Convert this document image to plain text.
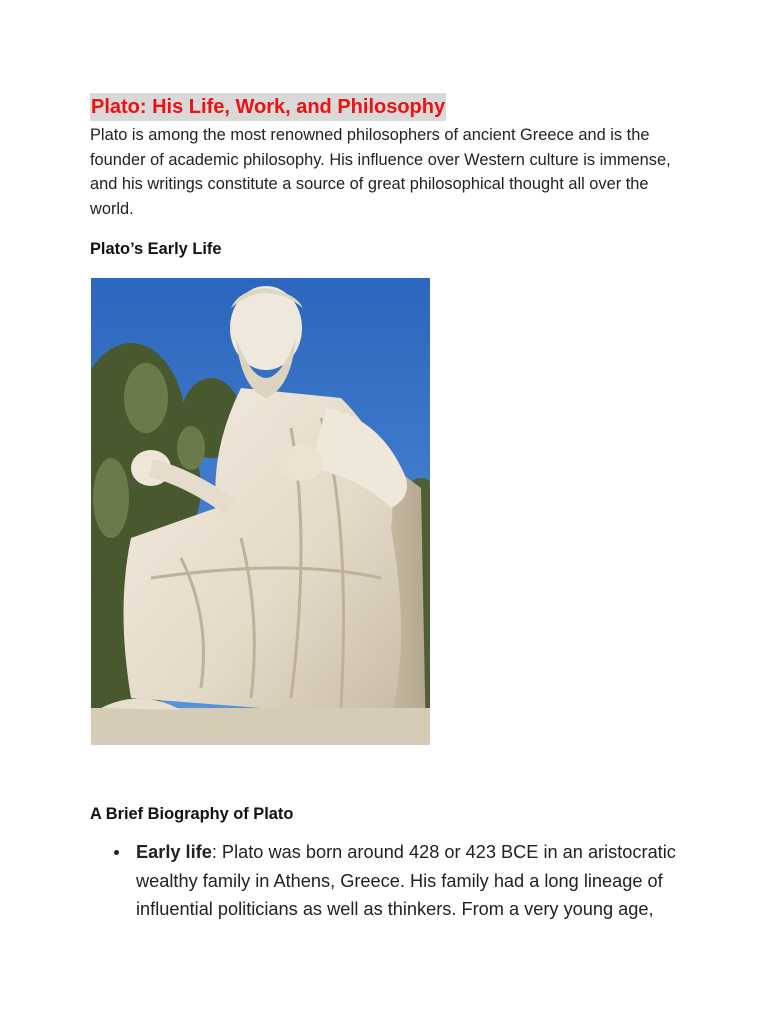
Plato: His Life, Work, and Philosophy

Plato is among the most renowned philosophers of ancient Greece and is the founder of academic philosophy. His influence over Western culture is immense, and his writings constitute a source of great philosophical thought all over the world.

Plato’s Early Life
A Brief Biography of Plato
Early life: Plato was born around 428 or 423 BCE in an aristocratic wealthy family in Athens, Greece. His family had a long lineage of influential politicians as well as thinkers. From a very young age,
